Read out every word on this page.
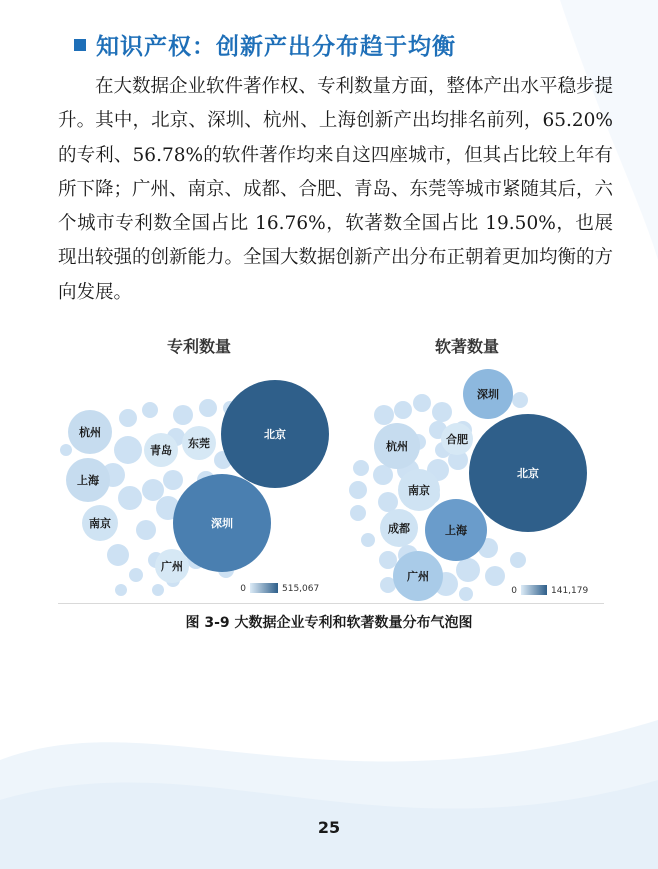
知识产权：创新产出分布趋于均衡

在大数据企业软件著作权、专利数量方面，整体产出水平稳步提升。其中，北京、深圳、杭州、上海创新产出均排名前列，65.20%的专利、56.78%的软件著作均来自这四座城市，但其占比较上年有所下降；广州、南京、成都、合肥、青岛、东莞等城市紧随其后，六个城市专利数全国占比 16.76%，软著数全国占比 19.50%，也展现出较强的创新能力。全国大数据创新产出分布正朝着更加均衡的方向发展。

专利数量
杭州
上海
南京
青岛
东莞
广州
深圳
北京
0	515,067
软著数量
杭州
深圳
合肥
南京
成都	上海
广州
北京
0	141,179
图 3-9 大数据企业专利和软著数量分布气泡图
25
